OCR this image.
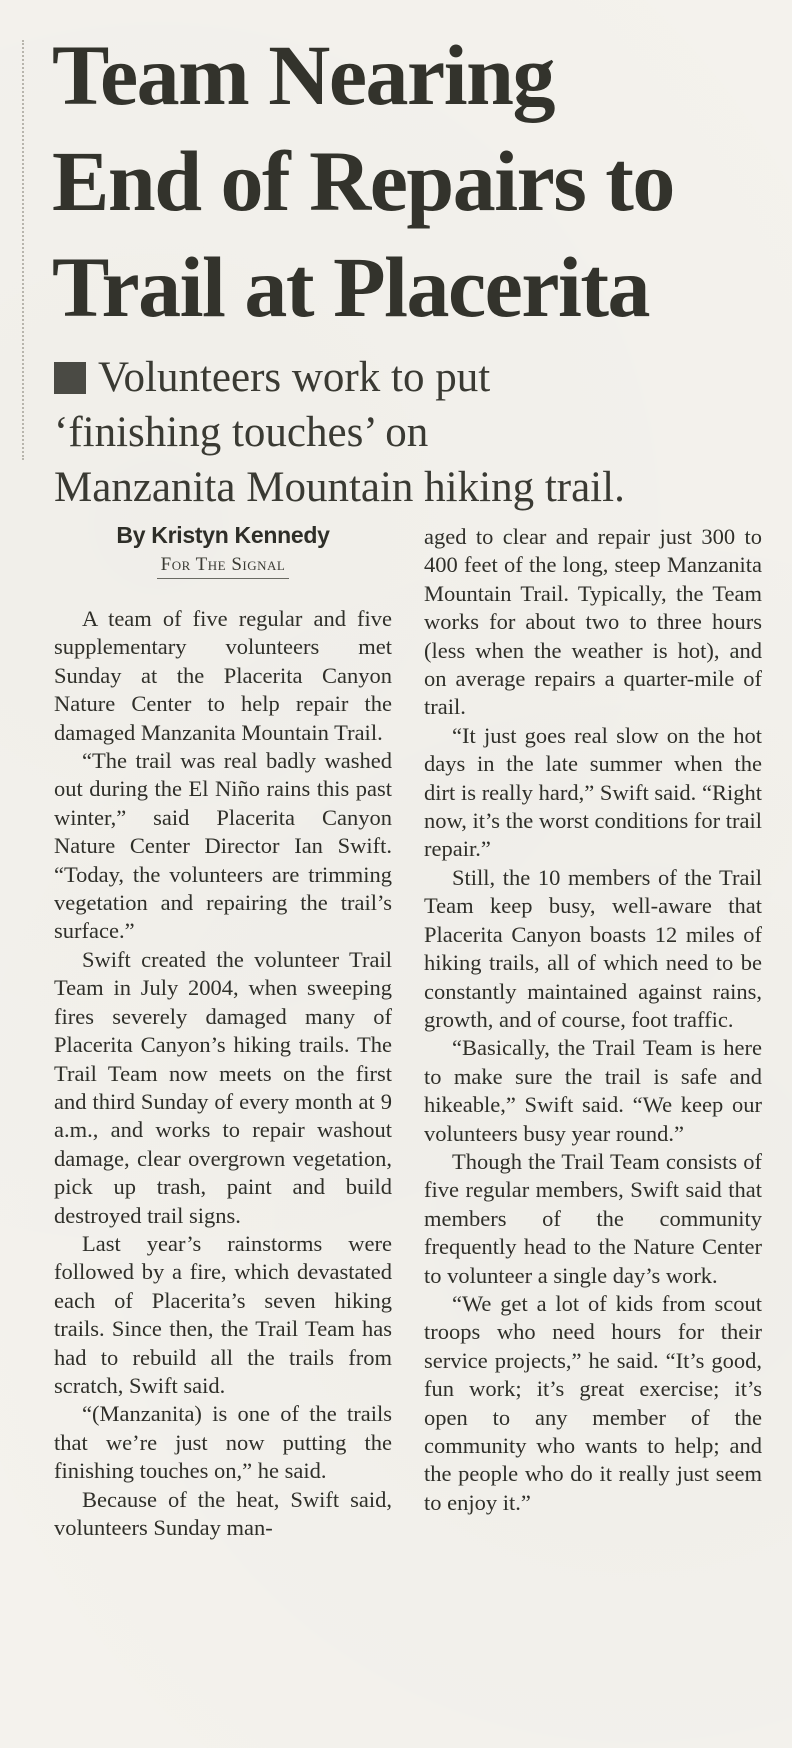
Team Nearing
End of Repairs to
Trail at Placerita
Volunteers work to put
‘finishing touches’ on
Manzanita Mountain hiking trail.
By Kristyn Kennedy
For The Signal

A team of five regular and five supplementary volunteers met Sunday at the Placerita Canyon Nature Center to help repair the damaged Manzanita Mountain Trail.

“The trail was real badly washed out during the El Niño rains this past winter,” said Placerita Canyon Nature Center Director Ian Swift. “Today, the volunteers are trimming vegetation and repairing the trail’s surface.”

Swift created the volunteer Trail Team in July 2004, when sweeping fires severely damaged many of Placerita Canyon’s hiking trails. The Trail Team now meets on the first and third Sunday of every month at 9 a.m., and works to repair washout damage, clear overgrown vegetation, pick up trash, paint and build destroyed trail signs.

Last year’s rainstorms were followed by a fire, which devastated each of Placerita’s seven hiking trails. Since then, the Trail Team has had to rebuild all the trails from scratch, Swift said.

“(Manzanita) is one of the trails that we’re just now putting the finishing touches on,” he said.

Because of the heat, Swift said, volunteers Sunday man-

aged to clear and repair just 300 to 400 feet of the long, steep Manzanita Mountain Trail. Typically, the Team works for about two to three hours (less when the weather is hot), and on average repairs a quarter-mile of trail.

“It just goes real slow on the hot days in the late summer when the dirt is really hard,” Swift said. “Right now, it’s the worst conditions for trail repair.”

Still, the 10 members of the Trail Team keep busy, well-aware that Placerita Canyon boasts 12 miles of hiking trails, all of which need to be constantly maintained against rains, growth, and of course, foot traffic.

“Basically, the Trail Team is here to make sure the trail is safe and hikeable,” Swift said. “We keep our volunteers busy year round.”

Though the Trail Team consists of five regular members, Swift said that members of the community frequently head to the Nature Center to volunteer a single day’s work.

“We get a lot of kids from scout troops who need hours for their service projects,” he said. “It’s good, fun work; it’s great exercise; it’s open to any member of the community who wants to help; and the people who do it really just seem to enjoy it.”
